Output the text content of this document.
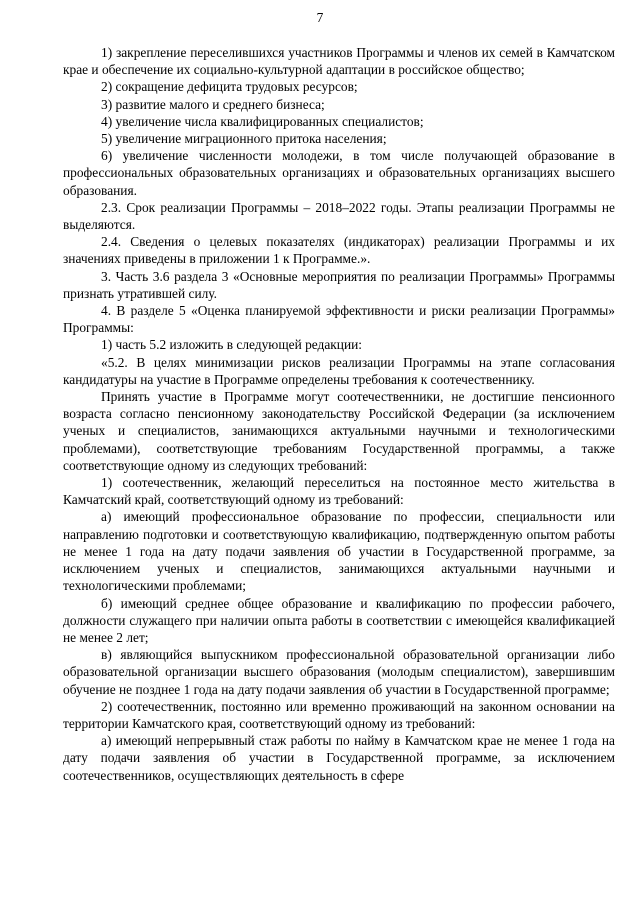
7

1) закрепление переселившихся участников Программы и членов их семей в Камчатском крае и обеспечение их социально-культурной адаптации в российское общество;

2) сокращение дефицита трудовых ресурсов;

3) развитие малого и среднего бизнеса;

4) увеличение числа квалифицированных специалистов;

5) увеличение миграционного притока населения;

6) увеличение численности молодежи, в том числе получающей образование в профессиональных образовательных организациях и образовательных организациях высшего образования.

2.3. Срок реализации Программы – 2018–2022 годы. Этапы реализации Программы не выделяются.

2.4. Сведения о целевых показателях (индикаторах) реализации Программы и их значениях приведены в приложении 1 к Программе.».

3. Часть 3.6 раздела 3 «Основные мероприятия по реализации Программы» Программы признать утратившей силу.

4. В разделе 5 «Оценка планируемой эффективности и риски реализации Программы» Программы:

1) часть 5.2 изложить в следующей редакции:

«5.2. В целях минимизации рисков реализации Программы на этапе согласования кандидатуры на участие в Программе определены требования к соотечественнику.

Принять участие в Программе могут соотечественники, не достигшие пенсионного возраста согласно пенсионному законодательству Российской Федерации (за исключением ученых и специалистов, занимающихся актуальными научными и технологическими проблемами), соответствующие требованиям Государственной программы, а также соответствующие одному из следующих требований:

1) соотечественник, желающий переселиться на постоянное место жительства в Камчатский край, соответствующий одному из требований:

а) имеющий профессиональное образование по профессии, специальности или направлению подготовки и соответствующую квалификацию, подтвержденную опытом работы не менее 1 года на дату подачи заявления об участии в Государственной программе, за исключением ученых и специалистов, занимающихся актуальными научными и технологическими проблемами;

б) имеющий среднее общее образование и квалификацию по профессии рабочего, должности служащего при наличии опыта работы в соответствии с имеющейся квалификацией не менее 2 лет;

в) являющийся выпускником профессиональной образовательной организации либо образовательной организации высшего образования (молодым специалистом), завершившим обучение не позднее 1 года на дату подачи заявления об участии в Государственной программе;

2) соотечественник, постоянно или временно проживающий на законном основании на территории Камчатского края, соответствующий одному из требований:

а) имеющий непрерывный стаж работы по найму в Камчатском крае не менее 1 года на дату подачи заявления об участии в Государственной программе, за исключением соотечественников, осуществляющих деятельность в сфере
